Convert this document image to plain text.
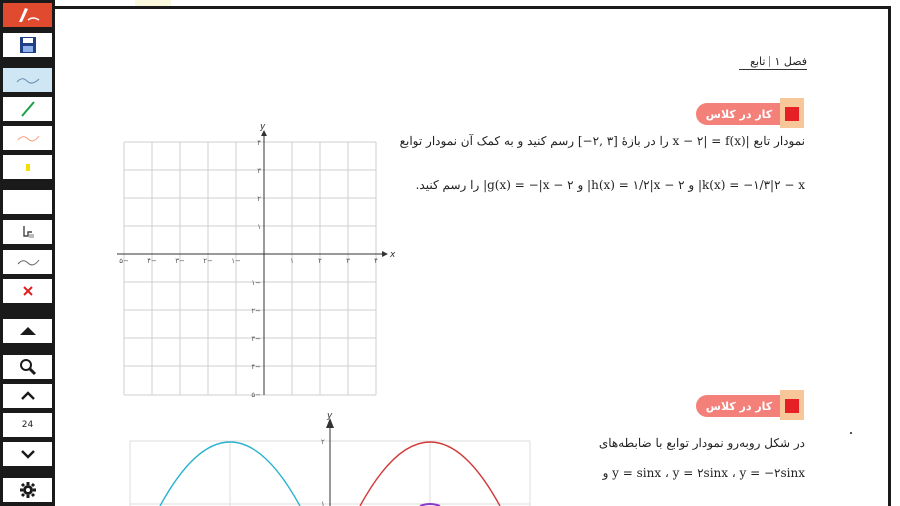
24
فصل ۱
تابع
کار در کلاس
نمودار تابع |x − ۲| = f(x) را در بازهٔ [۳ ,۲−] رسم کنید و به کمک آن نمودار توابع
k(x) = −۱/۳|۲ − x| و h(x) = ۱/۲|x − ۲| و g(x) = −|x − ۲| را رسم کنید.
x
y
۵−	۴−	۳−	۲−	۱−	۱	۲	۳	۴
۴
۳
۲
۱
۱−
۲−
۳−
۴−
۵−
کار در کلاس
در شکل روبه‌رو نمودار توابع با ضابطه‌های
y = sinx ، y = ۲sinx ، y = −۲sinx و
y
۲
۱
